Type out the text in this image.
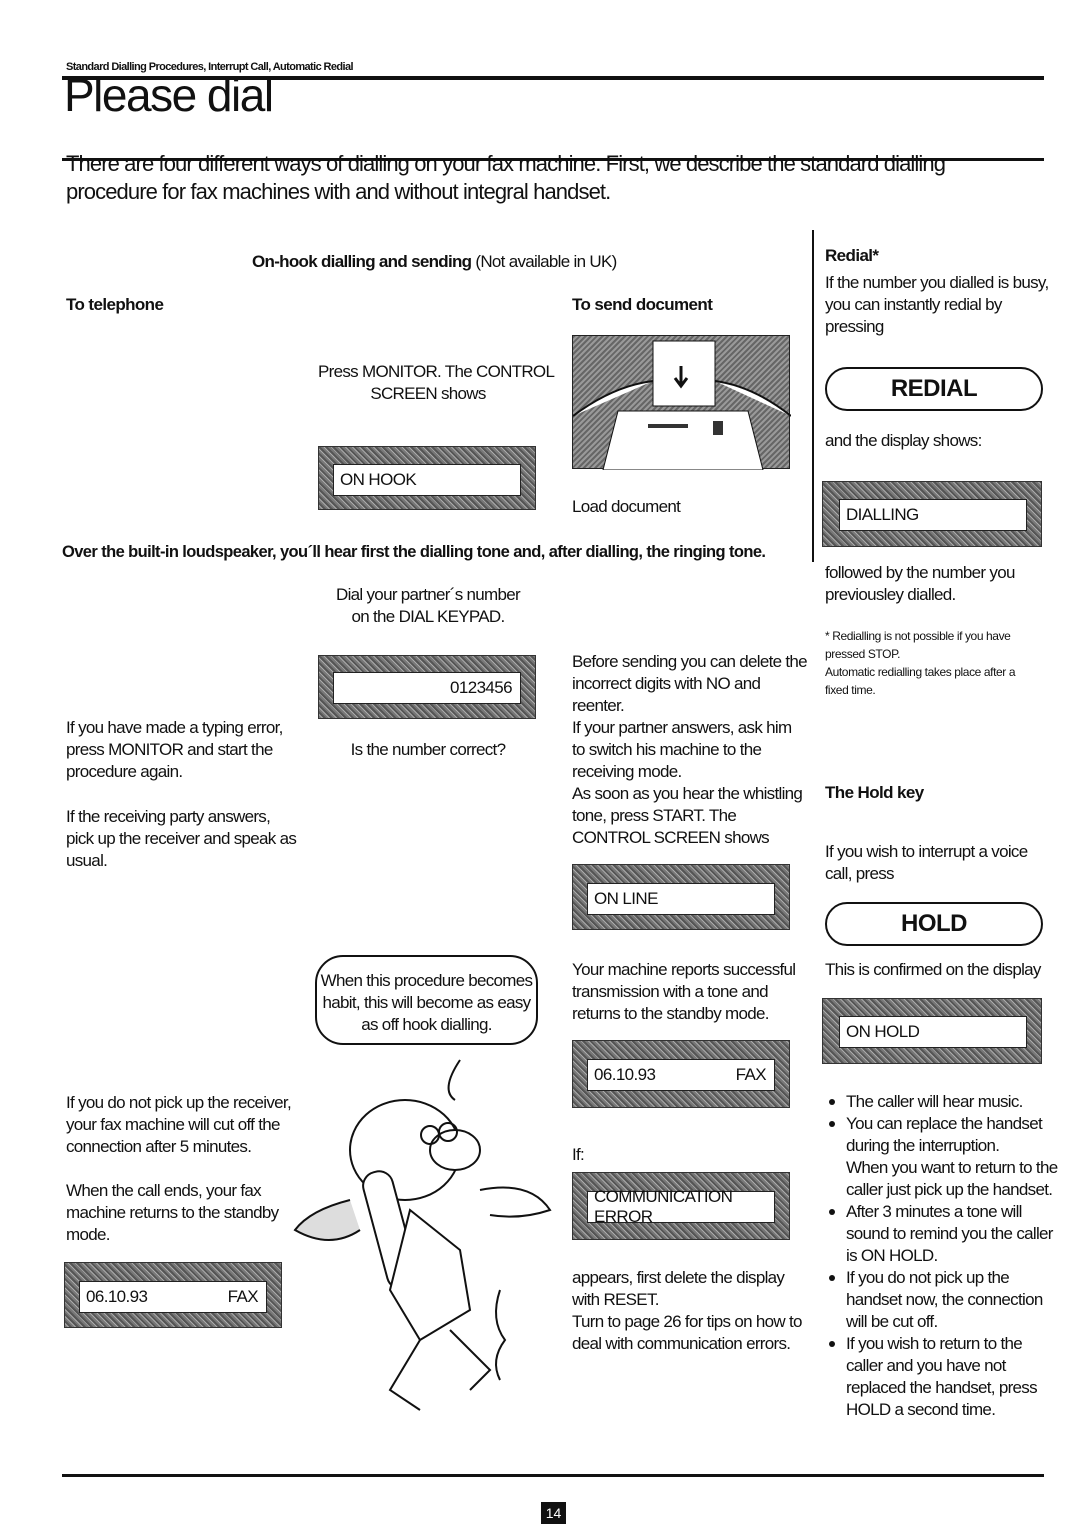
Standard Dialling Procedures, Interrupt Call, Automatic Redial
Please dial
There are four different ways of dialling on your fax machine. First, we describe the standard dialling
procedure for fax machines with and without integral handset.
On-hook dialling and sending (Not available in UK)
To telephone	To send document
Press MONITOR. The CONTROL
SCREEN shows
ON HOOK
Load document
Over the built-in loudspeaker, you´ll hear first the dialling tone and, after dialling, the ringing tone.
Dial your partner´s number
on the DIAL KEYPAD.
0123456
Is the number correct?
If you have made a typing error,
press MONITOR and start the
procedure again.
If the receiving party answers,
pick up the receiver and speak as
usual.
Before sending you can delete the
incorrect digits with NO and
reenter.
If your partner answers, ask him
to switch his machine to the
receiving mode.
As soon as you hear the whistling
tone, press START. The
CONTROL SCREEN shows
ON LINE
When this procedure becomes
habit, this will become as easy
as off hook dialling.
Your machine reports successful
transmission with a tone and
returns to the standby mode.
06.10.93	FAX
If:
COMMUNICATION ERROR
appears, first delete the display
with RESET.
Turn to page 26 for tips on how to
deal with communication errors.
If you do not pick up the receiver,
your fax machine will cut off the
connection after 5 minutes.
When the call ends, your fax
machine returns to the standby
mode.
06.10.93	FAX
Redial*
If the number you dialled is busy,
you can instantly redial by
pressing
REDIAL
and the display shows:
DIALLING
followed by the number you
previousley dialled.
* Redialling is not possible if you have
pressed STOP.
Automatic redialling takes place after a
fixed time.
The Hold key
If you wish to interrupt a voice
call, press
HOLD
This is confirmed on the display
ON HOLD
The caller will hear music.
You can replace the handset
during the interruption.
When you want to return to the
caller just pick up the handset.
After 3 minutes a tone will
sound to remind you the caller
is ON HOLD.
If you do not pick up the
handset now, the connection
will be cut off.
If you wish to return to the
caller and you have not
replaced the handset, press
HOLD a second time.
14
